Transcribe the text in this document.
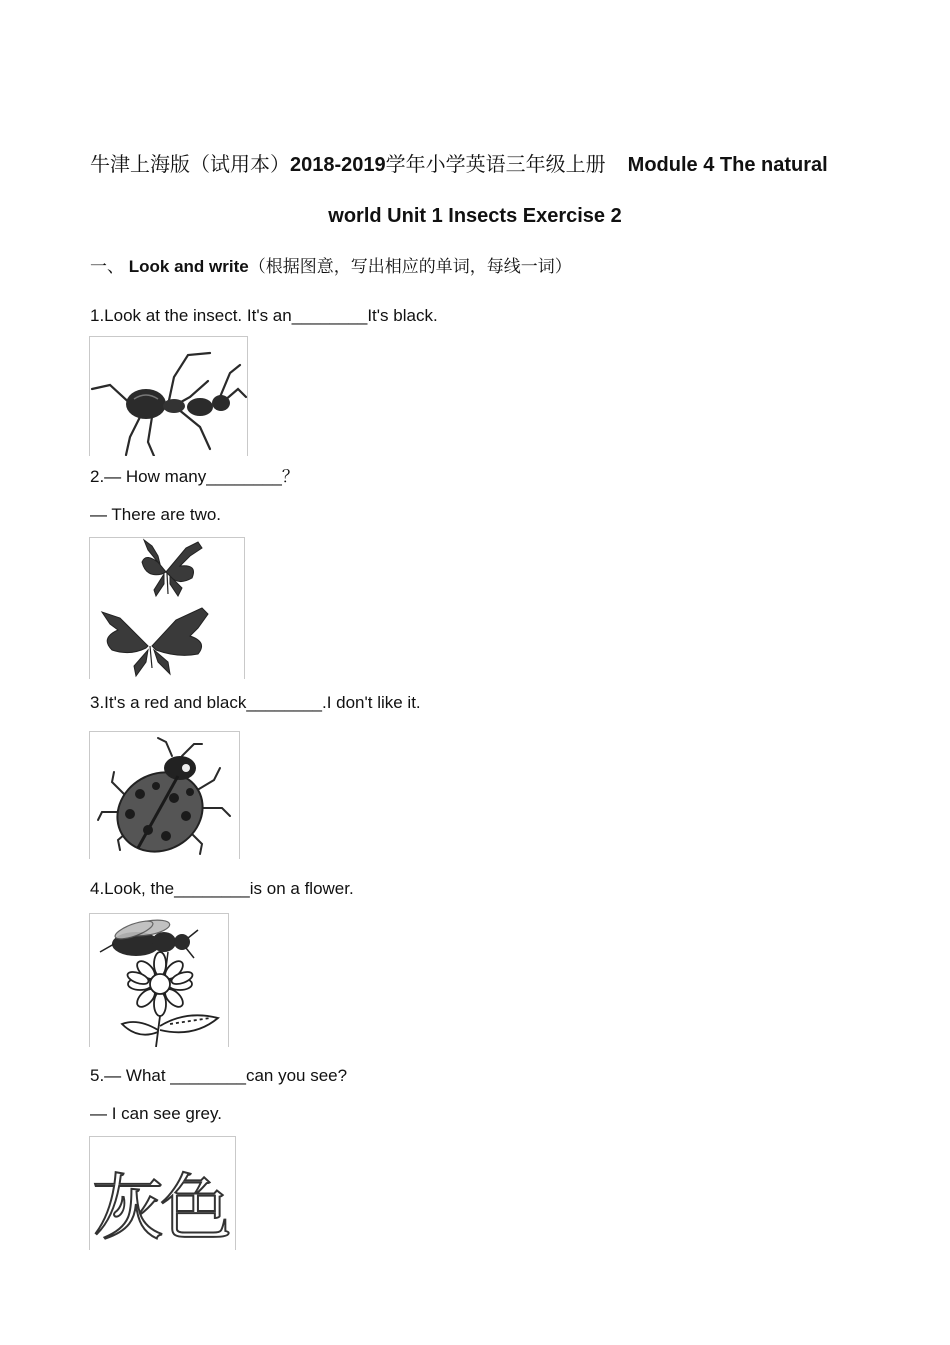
牛津上海版（试用本）2018-2019学年小学英语三年级上册 Module 4 The natural
world Unit 1 Insects Exercise 2
一、 Look and write（根据图意，写出相应的单词，每线一词）
1.Look at the insect. It's an________It's black.
2.— How many________？
— There are two.
3.It's a red and black________.I don't like it.
4.Look, the________is on a flower.
5.— What ________can you see?
— I can see grey.
灰色
